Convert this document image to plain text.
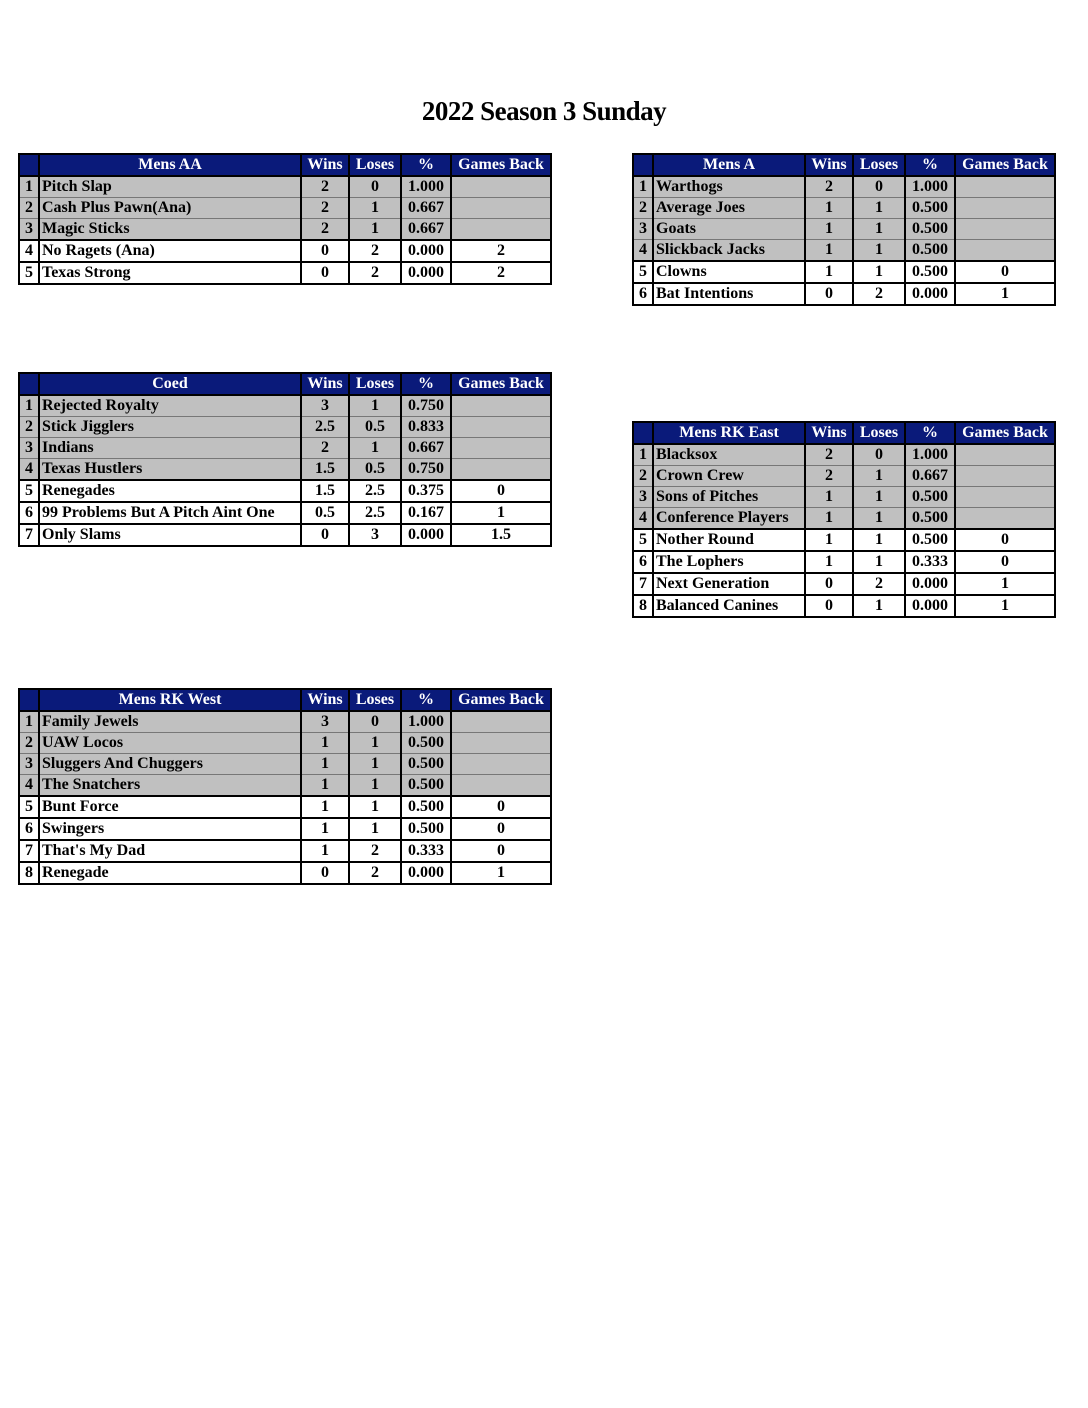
2022 Season 3 Sunday
	Mens AA	Wins	Loses	%	Games Back
1	Pitch Slap	2	0	1.000	
2	Cash Plus Pawn(Ana)	2	1	0.667	
3	Magic Sticks	2	1	0.667	
4	No Ragets (Ana)	0	2	0.000	2
5	Texas Strong	0	2	0.000	2
	Mens A	Wins	Loses	%	Games Back
1	Warthogs	2	0	1.000	
2	Average Joes	1	1	0.500	
3	Goats	1	1	0.500	
4	Slickback Jacks	1	1	0.500	
5	Clowns	1	1	0.500	0
6	Bat Intentions	0	2	0.000	1
	Coed	Wins	Loses	%	Games Back
1	Rejected Royalty	3	1	0.750	
2	Stick Jigglers	2.5	0.5	0.833	
3	Indians	2	1	0.667	
4	Texas Hustlers	1.5	0.5	0.750	
5	Renegades	1.5	2.5	0.375	0
6	99 Problems But A Pitch Aint One	0.5	2.5	0.167	1
7	Only Slams	0	3	0.000	1.5
	Mens RK East	Wins	Loses	%	Games Back
1	Blacksox	2	0	1.000	
2	Crown Crew	2	1	0.667	
3	Sons of Pitches	1	1	0.500	
4	Conference Players	1	1	0.500	
5	Nother Round	1	1	0.500	0
6	The Lophers	1	1	0.333	0
7	Next Generation	0	2	0.000	1
8	Balanced Canines	0	1	0.000	1
	Mens RK West	Wins	Loses	%	Games Back
1	Family Jewels	3	0	1.000	
2	UAW Locos	1	1	0.500	
3	Sluggers And Chuggers	1	1	0.500	
4	The Snatchers	1	1	0.500	
5	Bunt Force	1	1	0.500	0
6	Swingers	1	1	0.500	0
7	That's My Dad	1	2	0.333	0
8	Renegade	0	2	0.000	1
